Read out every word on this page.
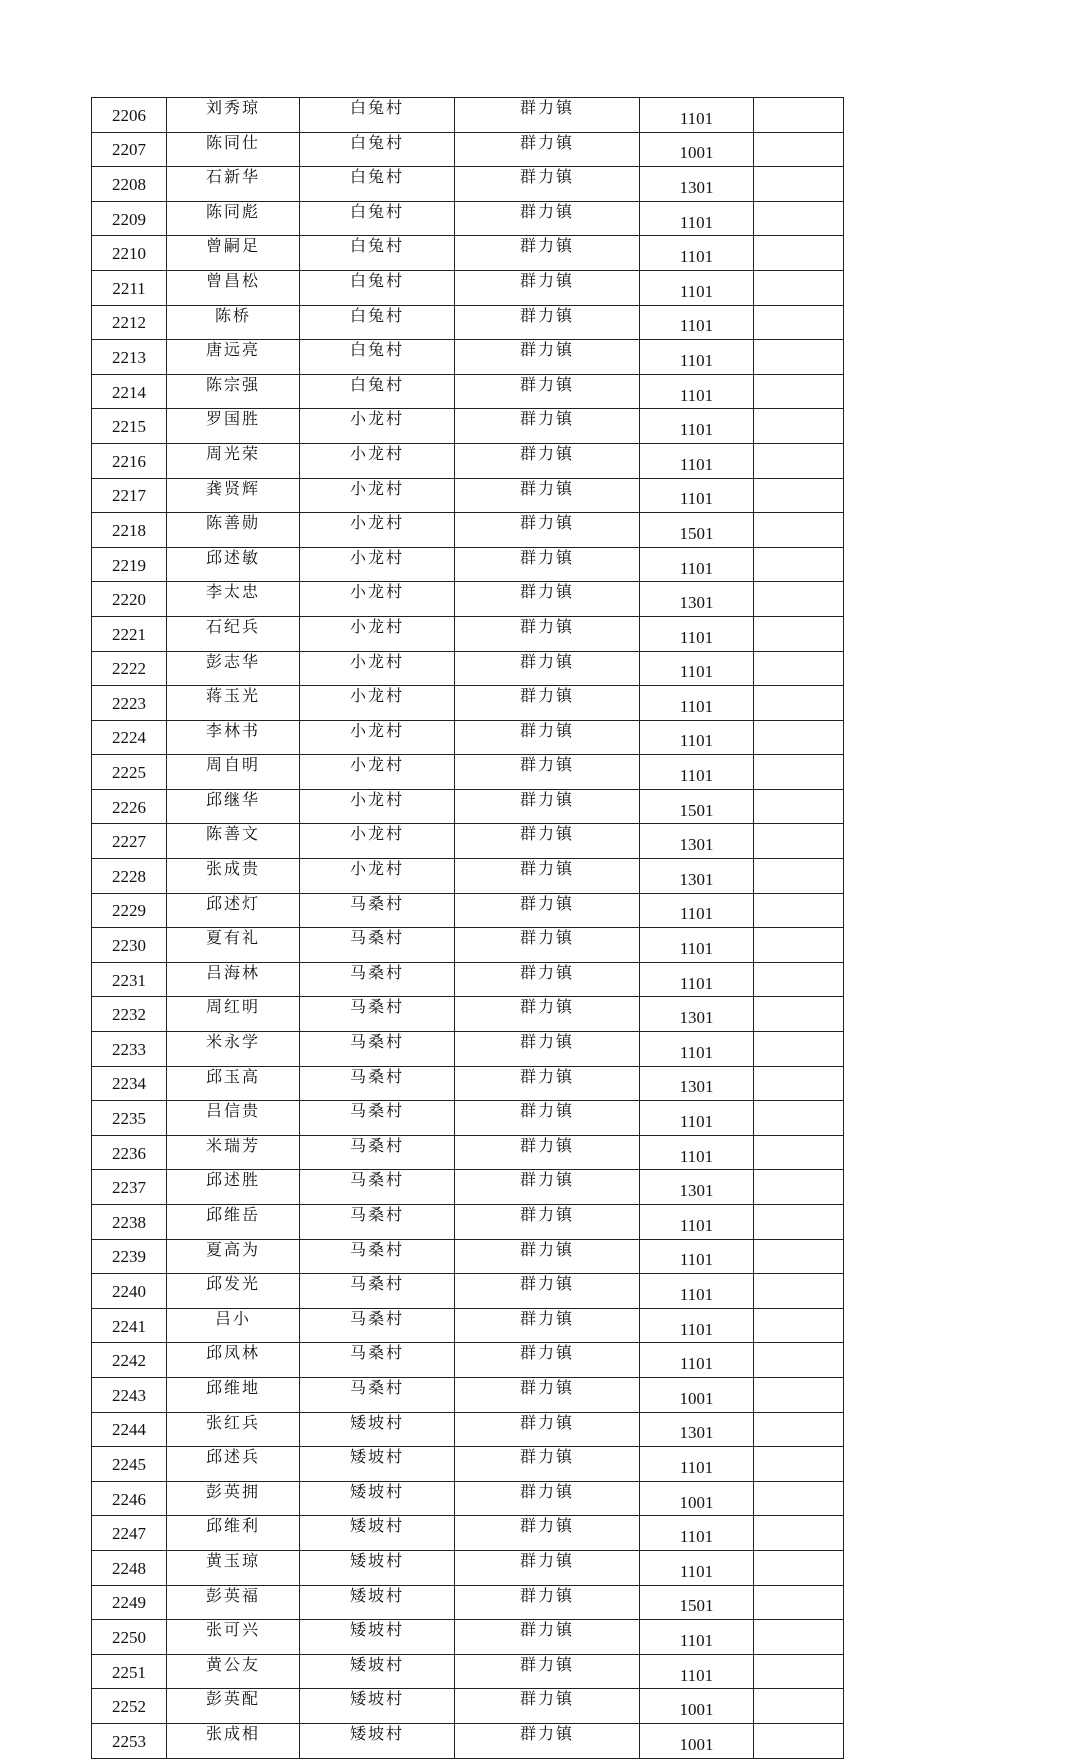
2206	刘秀琼	白兔村	群力镇	1101	
2207	陈同仕	白兔村	群力镇	1001	
2208	石新华	白兔村	群力镇	1301	
2209	陈同彪	白兔村	群力镇	1101	
2210	曾嗣足	白兔村	群力镇	1101	
2211	曾昌松	白兔村	群力镇	1101	
2212	陈桥	白兔村	群力镇	1101	
2213	唐远亮	白兔村	群力镇	1101	
2214	陈宗强	白兔村	群力镇	1101	
2215	罗国胜	小龙村	群力镇	1101	
2216	周光荣	小龙村	群力镇	1101	
2217	龚贤辉	小龙村	群力镇	1101	
2218	陈善勋	小龙村	群力镇	1501	
2219	邱述敏	小龙村	群力镇	1101	
2220	李太忠	小龙村	群力镇	1301	
2221	石纪兵	小龙村	群力镇	1101	
2222	彭志华	小龙村	群力镇	1101	
2223	蒋玉光	小龙村	群力镇	1101	
2224	李林书	小龙村	群力镇	1101	
2225	周自明	小龙村	群力镇	1101	
2226	邱继华	小龙村	群力镇	1501	
2227	陈善文	小龙村	群力镇	1301	
2228	张成贵	小龙村	群力镇	1301	
2229	邱述灯	马桑村	群力镇	1101	
2230	夏有礼	马桑村	群力镇	1101	
2231	吕海林	马桑村	群力镇	1101	
2232	周红明	马桑村	群力镇	1301	
2233	米永学	马桑村	群力镇	1101	
2234	邱玉高	马桑村	群力镇	1301	
2235	吕信贵	马桑村	群力镇	1101	
2236	米瑞芳	马桑村	群力镇	1101	
2237	邱述胜	马桑村	群力镇	1301	
2238	邱维岳	马桑村	群力镇	1101	
2239	夏高为	马桑村	群力镇	1101	
2240	邱发光	马桑村	群力镇	1101	
2241	吕小	马桑村	群力镇	1101	
2242	邱凤林	马桑村	群力镇	1101	
2243	邱维地	马桑村	群力镇	1001	
2244	张红兵	矮坡村	群力镇	1301	
2245	邱述兵	矮坡村	群力镇	1101	
2246	彭英拥	矮坡村	群力镇	1001	
2247	邱维利	矮坡村	群力镇	1101	
2248	黄玉琼	矮坡村	群力镇	1101	
2249	彭英福	矮坡村	群力镇	1501	
2250	张可兴	矮坡村	群力镇	1101	
2251	黄公友	矮坡村	群力镇	1101	
2252	彭英配	矮坡村	群力镇	1001	
2253	张成相	矮坡村	群力镇	1001	
